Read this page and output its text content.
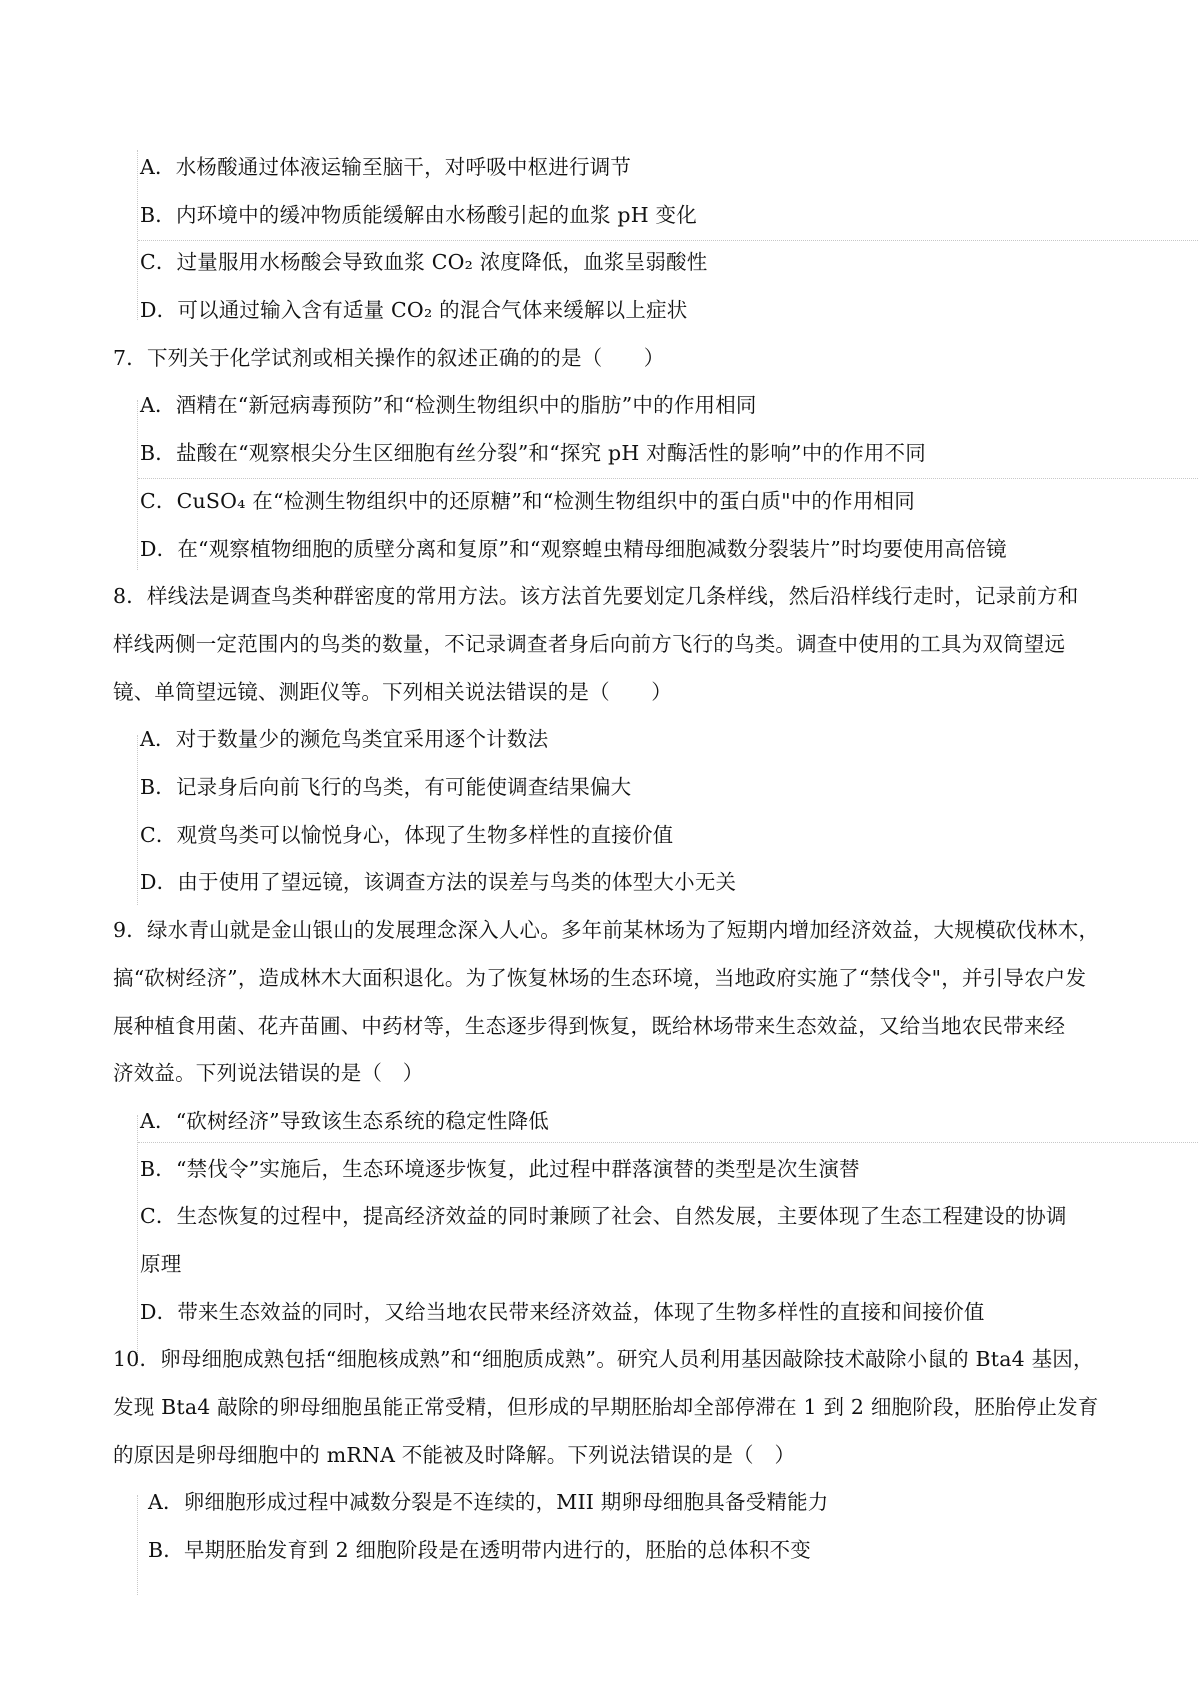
A．水杨酸通过体液运输至脑干，对呼吸中枢进行调节
B．内环境中的缓冲物质能缓解由水杨酸引起的血浆 pH 变化
C．过量服用水杨酸会导致血浆 CO₂ 浓度降低，血浆呈弱酸性
D．可以通过输入含有适量 CO₂ 的混合气体来缓解以上症状
7．下列关于化学试剂或相关操作的叙述正确的的是（　　）
A．酒精在“新冠病毒预防”和“检测生物组织中的脂肪”中的作用相同
B．盐酸在“观察根尖分生区细胞有丝分裂”和“探究 pH 对酶活性的影响”中的作用不同
C．CuSO₄ 在“检测生物组织中的还原糖”和“检测生物组织中的蛋白质"中的作用相同
D．在“观察植物细胞的质壁分离和复原”和“观察蝗虫精母细胞减数分裂装片”时均要使用高倍镜
8．样线法是调查鸟类种群密度的常用方法。该方法首先要划定几条样线，然后沿样线行走时，记录前方和
样线两侧一定范围内的鸟类的数量，不记录调查者身后向前方飞行的鸟类。调查中使用的工具为双筒望远
镜、单筒望远镜、测距仪等。下列相关说法错误的是（　　）
A．对于数量少的濒危鸟类宜采用逐个计数法
B．记录身后向前飞行的鸟类，有可能使调查结果偏大
C．观赏鸟类可以愉悦身心，体现了生物多样性的直接价值
D．由于使用了望远镜，该调查方法的误差与鸟类的体型大小无关
9．绿水青山就是金山银山的发展理念深入人心。多年前某林场为了短期内增加经济效益，大规模砍伐林木，
搞“砍树经济”，造成林木大面积退化。为了恢复林场的生态环境，当地政府实施了“禁伐令"，并引导农户发
展种植食用菌、花卉苗圃、中药材等，生态逐步得到恢复，既给林场带来生态效益，又给当地农民带来经
济效益。下列说法错误的是（　）
A．“砍树经济”导致该生态系统的稳定性降低
B．“禁伐令”实施后，生态环境逐步恢复，此过程中群落演替的类型是次生演替
C．生态恢复的过程中，提高经济效益的同时兼顾了社会、自然发展，主要体现了生态工程建设的协调
原理
D．带来生态效益的同时，又给当地农民带来经济效益，体现了生物多样性的直接和间接价值
10．卵母细胞成熟包括“细胞核成熟”和“细胞质成熟”。研究人员利用基因敲除技术敲除小鼠的 Bta4 基因，
发现 Bta4 敲除的卵母细胞虽能正常受精，但形成的早期胚胎却全部停滞在 1 到 2 细胞阶段，胚胎停止发育
的原因是卵母细胞中的 mRNA 不能被及时降解。下列说法错误的是（　）
A．卵细胞形成过程中减数分裂是不连续的，MII 期卵母细胞具备受精能力
B．早期胚胎发育到 2 细胞阶段是在透明带内进行的，胚胎的总体积不变
